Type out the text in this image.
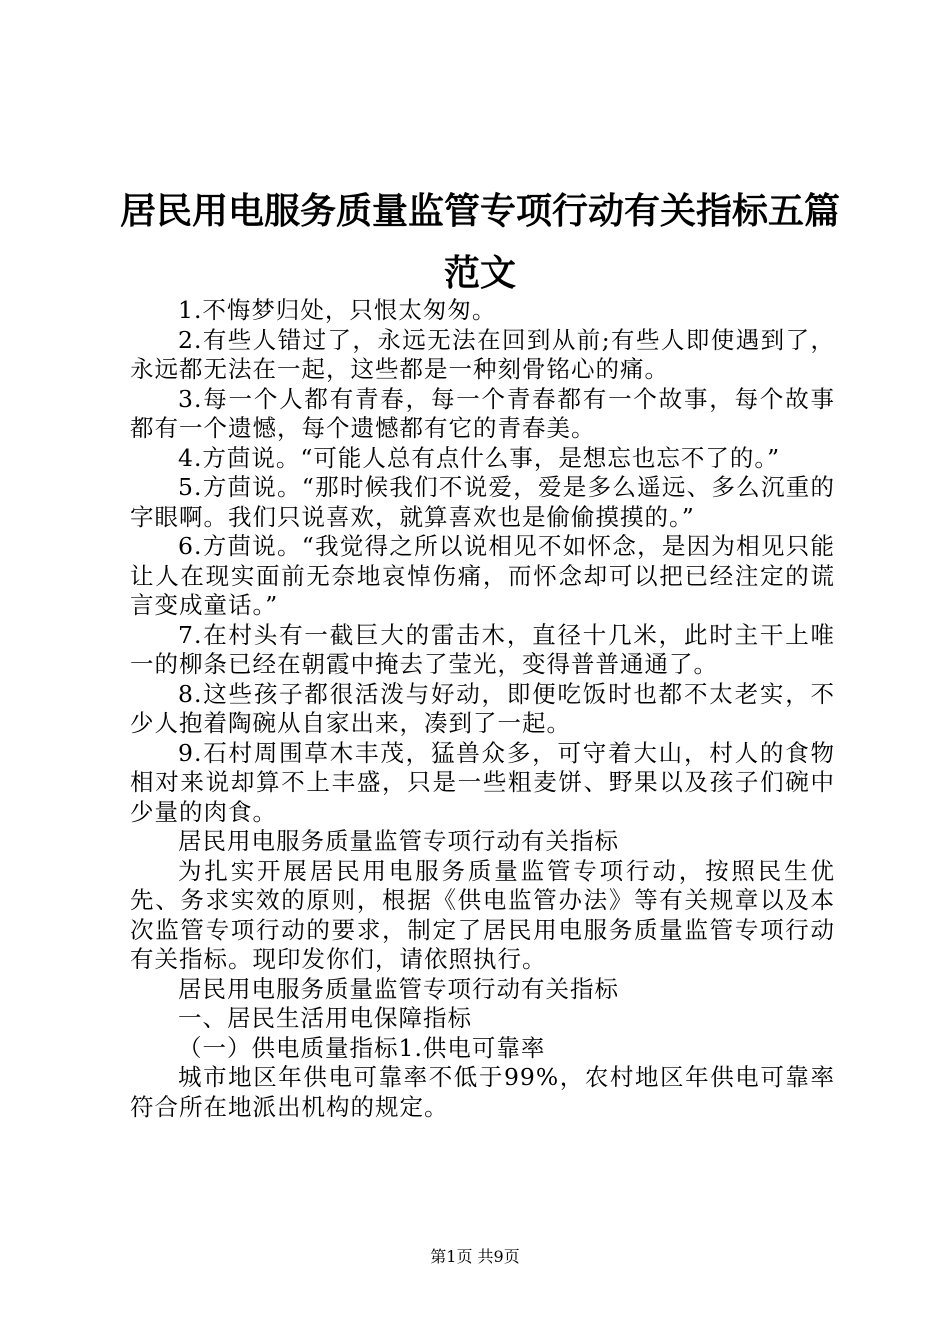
居民用电服务质量监管专项行动有关指标五篇范文

1.不悔梦归处，只恨太匆匆。

2.有些人错过了，永远无法在回到从前;有些人即使遇到了，永远都无法在一起，这些都是一种刻骨铭心的痛。

3.每一个人都有青春，每一个青春都有一个故事，每个故事都有一个遗憾，每个遗憾都有它的青春美。

4.方茴说。“可能人总有点什么事，是想忘也忘不了的。”

5.方茴说。“那时候我们不说爱，爱是多么遥远、多么沉重的字眼啊。我们只说喜欢，就算喜欢也是偷偷摸摸的。”

6.方茴说。“我觉得之所以说相见不如怀念，是因为相见只能让人在现实面前无奈地哀悼伤痛，而怀念却可以把已经注定的谎言变成童话。”

7.在村头有一截巨大的雷击木，直径十几米，此时主干上唯一的柳条已经在朝霞中掩去了莹光，变得普普通通了。

8.这些孩子都很活泼与好动，即便吃饭时也都不太老实，不少人抱着陶碗从自家出来，凑到了一起。

9.石村周围草木丰茂，猛兽众多，可守着大山，村人的食物相对来说却算不上丰盛，只是一些粗麦饼、野果以及孩子们碗中少量的肉食。

居民用电服务质量监管专项行动有关指标

为扎实开展居民用电服务质量监管专项行动，按照民生优先、务求实效的原则，根据《供电监管办法》等有关规章以及本次监管专项行动的要求，制定了居民用电服务质量监管专项行动有关指标。现印发你们，请依照执行。

居民用电服务质量监管专项行动有关指标

一、居民生活用电保障指标

（一）供电质量指标1.供电可靠率

城市地区年供电可靠率不低于99%，农村地区年供电可靠率符合所在地派出机构的规定。

第1页 共9页
